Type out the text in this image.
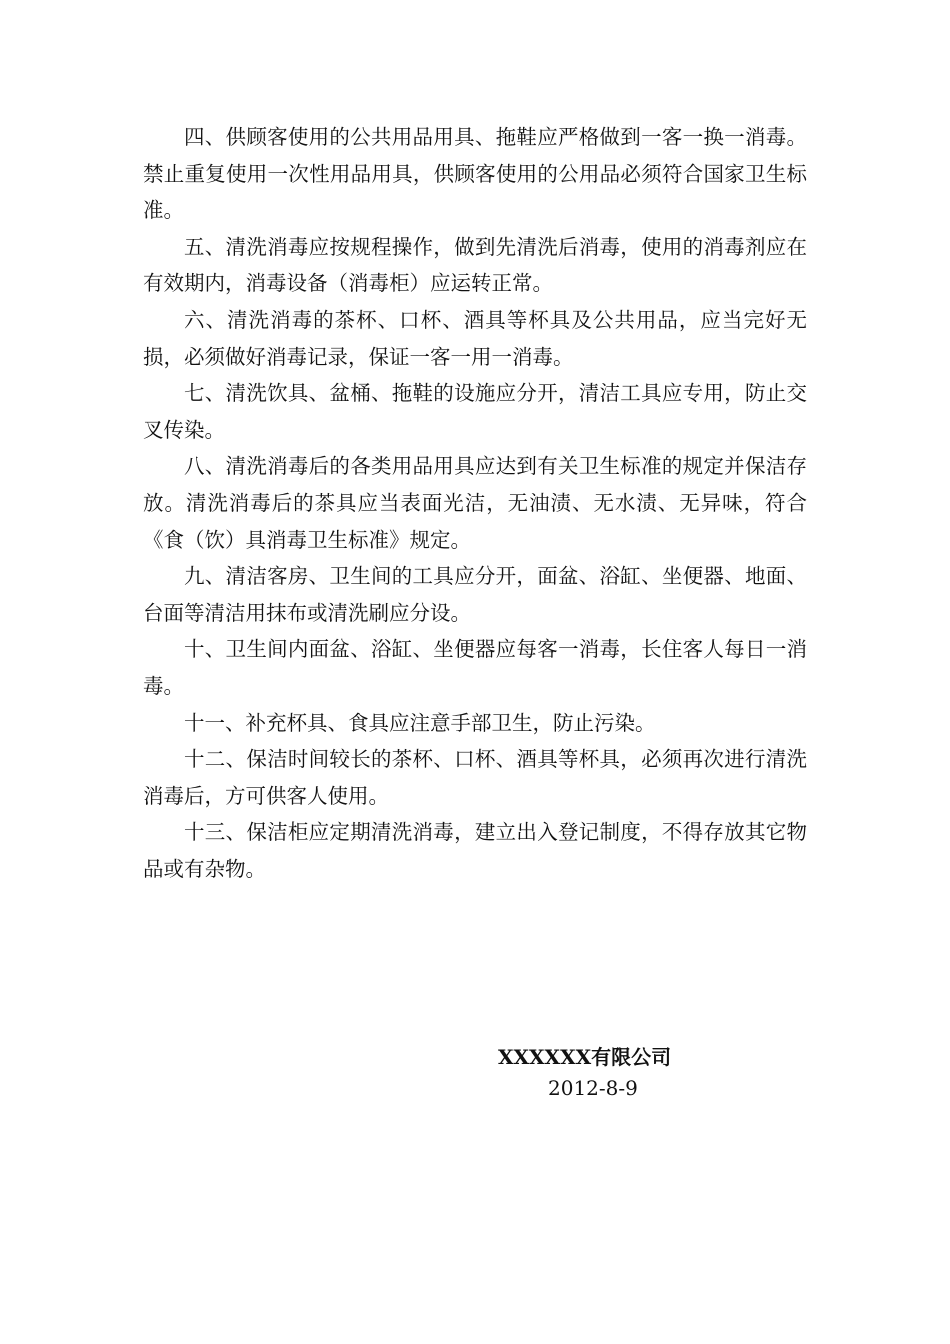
四、供顾客使用的公共用品用具、拖鞋应严格做到一客一换一消毒。禁止重复使用一次性用品用具，供顾客使用的公用品必须符合国家卫生标准。

五、清洗消毒应按规程操作，做到先清洗后消毒，使用的消毒剂应在有效期内，消毒设备（消毒柜）应运转正常。

六、清洗消毒的茶杯、口杯、酒具等杯具及公共用品，应当完好无损，必须做好消毒记录，保证一客一用一消毒。

七、清洗饮具、盆桶、拖鞋的设施应分开，清洁工具应专用，防止交叉传染。

八、清洗消毒后的各类用品用具应达到有关卫生标准的规定并保洁存放。清洗消毒后的茶具应当表面光洁，无油渍、无水渍、无异味，符合《食（饮）具消毒卫生标准》规定。

九、清洁客房、卫生间的工具应分开，面盆、浴缸、坐便器、地面、台面等清洁用抹布或清洗刷应分设。

十、卫生间内面盆、浴缸、坐便器应每客一消毒，长住客人每日一消毒。

十一、补充杯具、食具应注意手部卫生，防止污染。

十二、保洁时间较长的茶杯、口杯、酒具等杯具，必须再次进行清洗消毒后，方可供客人使用。

十三、保洁柜应定期清洗消毒，建立出入登记制度，不得存放其它物品或有杂物。

XXXXXX有限公司
2012-8-9
